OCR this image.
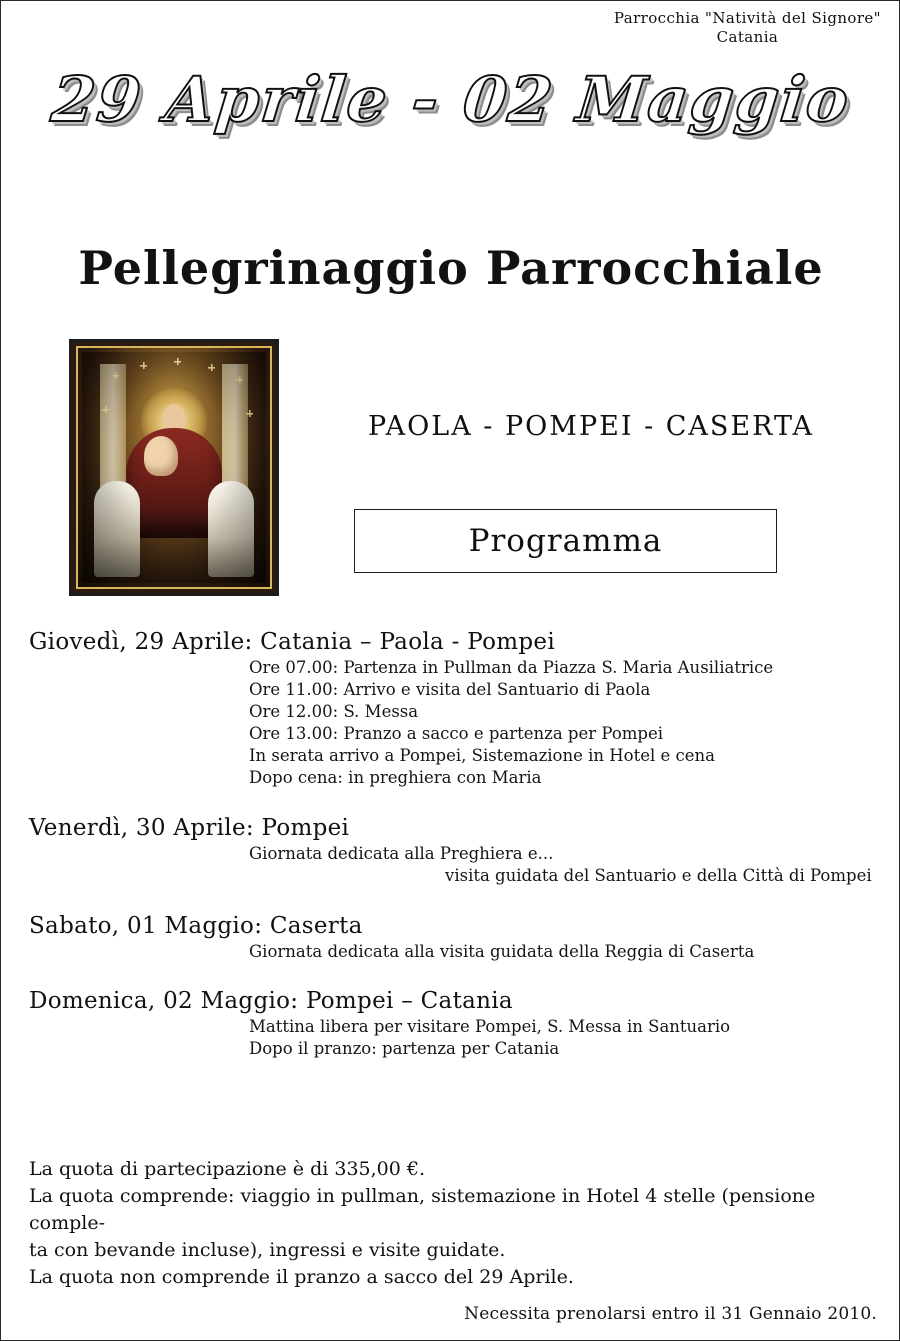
Parrocchia "Natività del Signore"
Catania
29 Aprile - 02 Maggio
Pellegrinaggio Parrocchiale
PAOLA - POMPEI - CASERTA
Programma
Giovedì, 29 Aprile: Catania – Paola - Pompei
Ore 07.00: Partenza in Pullman da Piazza S. Maria Ausiliatrice
Ore 11.00: Arrivo e visita del Santuario di Paola
Ore 12.00: S. Messa
Ore 13.00: Pranzo a sacco e partenza per Pompei
In serata arrivo a Pompei, Sistemazione in Hotel e cena
Dopo cena: in preghiera con Maria
Venerdì, 30 Aprile: Pompei
Giornata dedicata alla Preghiera e...
visita guidata del Santuario e della Città di Pompei
Sabato, 01 Maggio: Caserta
Giornata dedicata alla visita guidata della Reggia di Caserta
Domenica, 02 Maggio: Pompei – Catania
Mattina libera per visitare Pompei, S. Messa in Santuario
Dopo il pranzo: partenza per Catania
La quota di partecipazione è di 335,00 €.
La quota comprende: viaggio in pullman, sistemazione in Hotel 4 stelle (pensione comple-
ta con bevande incluse), ingressi e visite guidate.
La quota non comprende il pranzo a sacco del 29 Aprile.
Necessita prenolarsi entro il 31 Gennaio 2010.
